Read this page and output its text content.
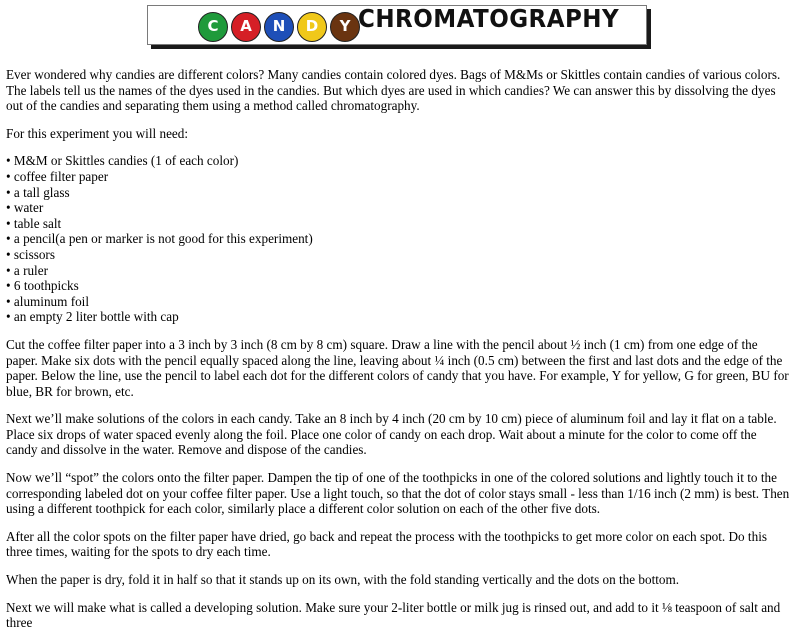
C	A	N	D	Y CHROMATOGRAPHY

Ever wondered why candies are different colors? Many candies contain colored dyes. Bags of M&Ms or Skittles contain candies of various colors. The labels tell us the names of the dyes used in the candies. But which dyes are used in which candies? We can answer this by dissolving the dyes out of the candies and separating them using a method called chromatography.

For this experiment you will need:

• M&M or Skittles candies (1 of each color)
• coffee filter paper
• a tall glass
• water
• table salt
• a pencil(a pen or marker is not good for this experiment)
• scissors
• a ruler
• 6 toothpicks
• aluminum foil
• an empty 2 liter bottle with cap

Cut the coffee filter paper into a 3 inch by 3 inch (8 cm by 8 cm) square. Draw a line with the pencil about ½ inch (1 cm) from one edge of the paper. Make six dots with the pencil equally spaced along the line, leaving about ¼ inch (0.5 cm) between the first and last dots and the edge of the paper. Below the line, use the pencil to label each dot for the different colors of candy that you have. For example, Y for yellow, G for green, BU for blue, BR for brown, etc.

Next we’ll make solutions of the colors in each candy. Take an 8 inch by 4 inch (20 cm by 10 cm) piece of aluminum foil and lay it flat on a table. Place six drops of water spaced evenly along the foil. Place one color of candy on each drop. Wait about a minute for the color to come off the candy and dissolve in the water. Remove and dispose of the candies.

Now we’ll “spot” the colors onto the filter paper. Dampen the tip of one of the toothpicks in one of the colored solutions and lightly touch it to the corresponding labeled dot on your coffee filter paper. Use a light touch, so that the dot of color stays small - less than 1/16 inch (2 mm) is best. Then using a different toothpick for each color, similarly place a different color solution on each of the other five dots.

After all the color spots on the filter paper have dried, go back and repeat the process with the toothpicks to get more color on each spot. Do this three times, waiting for the spots to dry each time.

When the paper is dry, fold it in half so that it stands up on its own, with the fold standing vertically and the dots on the bottom.

Next we will make what is called a developing solution. Make sure your 2-liter bottle or milk jug is rinsed out, and add to it ⅛ teaspoon of salt and three
